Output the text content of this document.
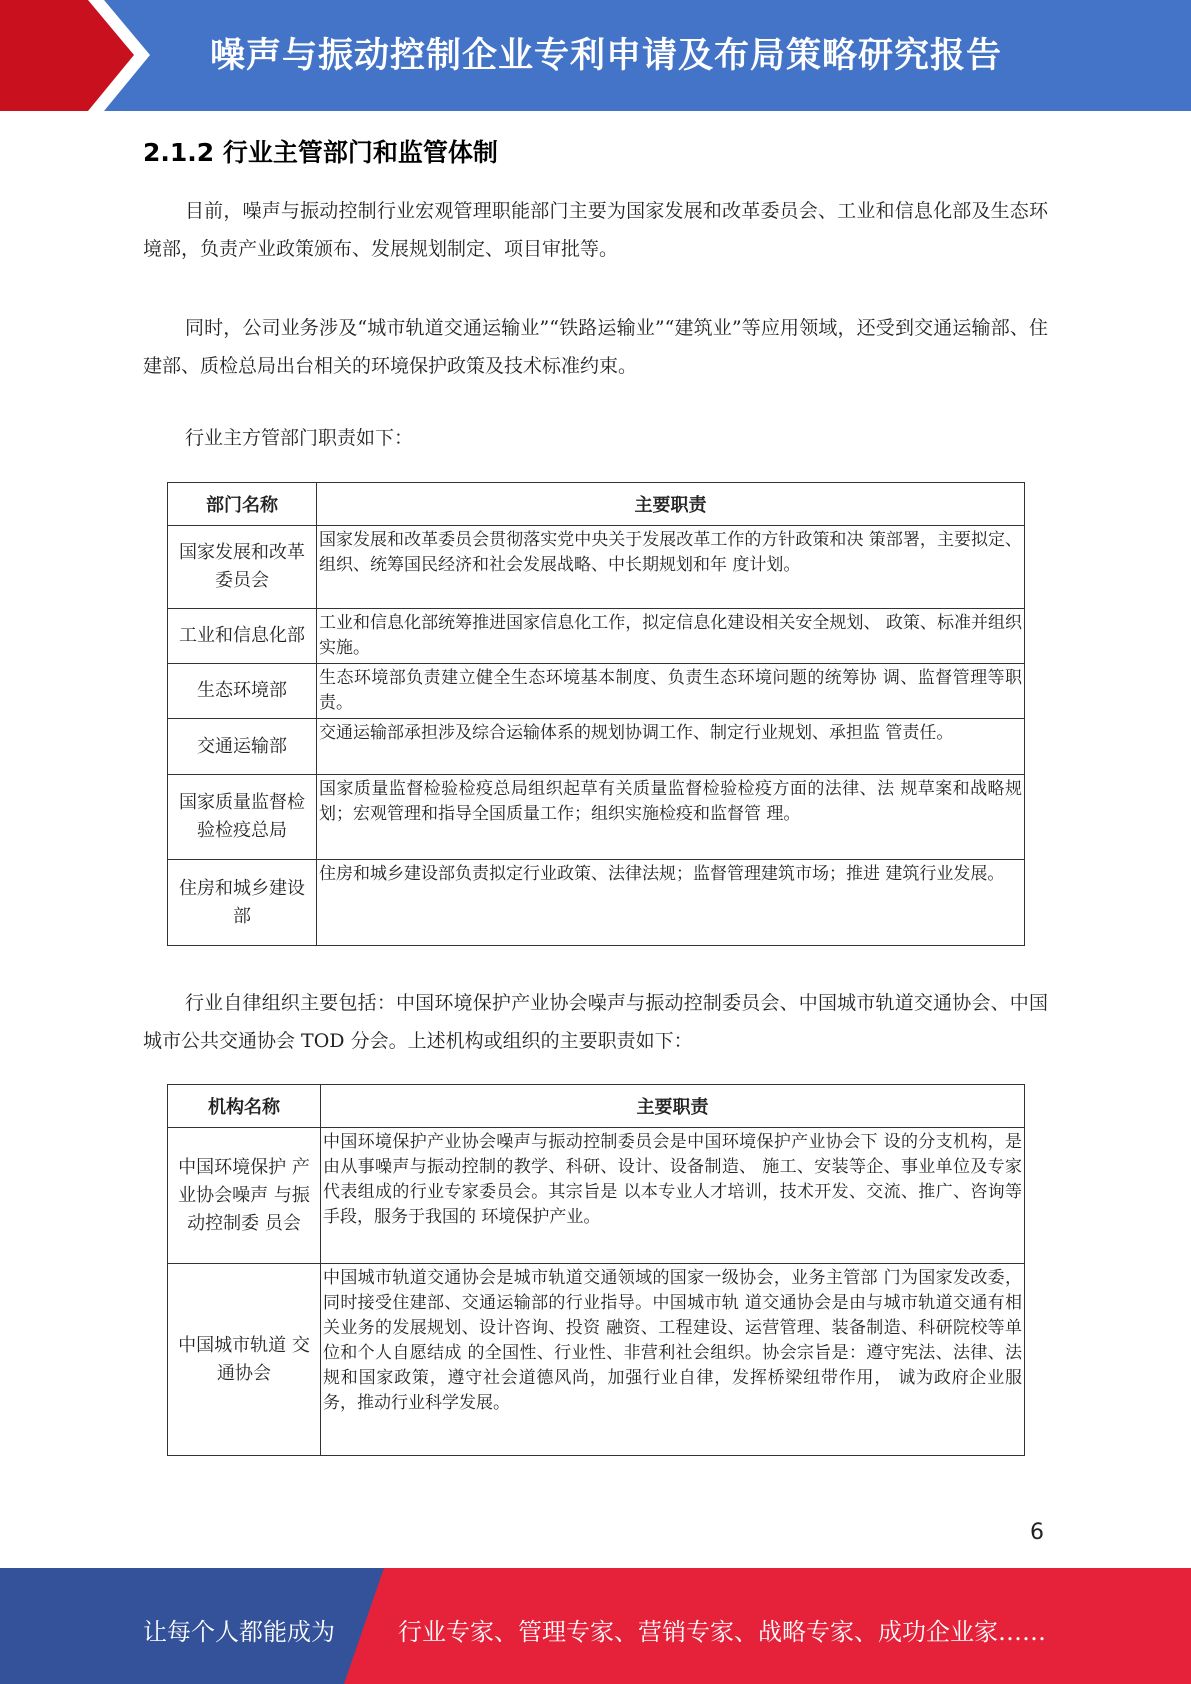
噪声与振动控制企业专利申请及布局策略研究报告
2.1.2 行业主管部门和监管体制

目前，噪声与振动控制行业宏观管理职能部门主要为国家发展和改革委员会、工业和信息化部及生态环境部，负责产业政策颁布、发展规划制定、项目审批等。

同时，公司业务涉及“城市轨道交通运输业”“铁路运输业”“建筑业”等应用领域，还受到交通运输部、住建部、质检总局出台相关的环境保护政策及技术标准约束。

行业主方管部门职责如下：

部门名称	主要职责
国家发展和改革委员会	国家发展和改革委员会贯彻落实党中央关于发展改革工作的方针政策和决 策部署，主要拟定、组织、统筹国民经济和社会发展战略、中长期规划和年 度计划。
工业和信息化部	工业和信息化部统筹推进国家信息化工作，拟定信息化建设相关安全规划、 政策、标准并组织实施。
生态环境部	生态环境部负责建立健全生态环境基本制度、负责生态环境问题的统筹协 调、监督管理等职责。
交通运输部	交通运输部承担涉及综合运输体系的规划协调工作、制定行业规划、承担监 管责任。
国家质量监督检验检疫总局	国家质量监督检验检疫总局组织起草有关质量监督检验检疫方面的法律、法 规草案和战略规划；宏观管理和指导全国质量工作；组织实施检疫和监督管 理。
住房和城乡建设部	住房和城乡建设部负责拟定行业政策、法律法规；监督管理建筑市场；推进 建筑行业发展。

行业自律组织主要包括：中国环境保护产业协会噪声与振动控制委员会、中国城市轨道交通协会、中国城市公共交通协会 TOD 分会。上述机构或组织的主要职责如下：

机构名称	主要职责
中国环境保护 产业协会噪声 与振动控制委 员会	中国环境保护产业协会噪声与振动控制委员会是中国环境保护产业协会下 设的分支机构，是由从事噪声与振动控制的教学、科研、设计、设备制造、 施工、安装等企、事业单位及专家代表组成的行业专家委员会。其宗旨是 以本专业人才培训，技术开发、交流、推广、咨询等手段，服务于我国的 环境保护产业。
中国城市轨道 交通协会	中国城市轨道交通协会是城市轨道交通领域的国家一级协会，业务主管部 门为国家发改委，同时接受住建部、交通运输部的行业指导。中国城市轨 道交通协会是由与城市轨道交通有相关业务的发展规划、设计咨询、投资 融资、工程建设、运营管理、装备制造、科研院校等单位和个人自愿结成 的全国性、行业性、非营利社会组织。协会宗旨是：遵守宪法、法律、法 规和国家政策，遵守社会道德风尚，加强行业自律，发挥桥梁纽带作用， 诚为政府企业服务，推动行业科学发展。
6
让每个人都能成为	行业专家、管理专家、营销专家、战略专家、成功企业家……
